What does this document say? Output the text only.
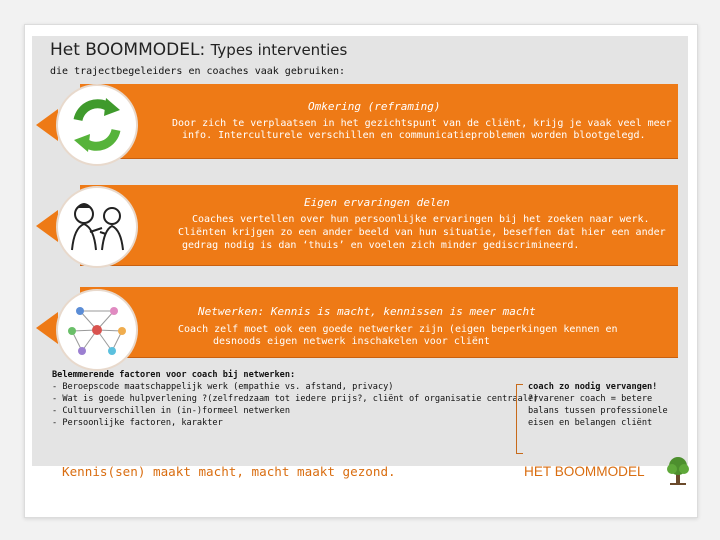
Het BOOMMODEL: Types interventies
die trajectbegeleiders en coaches vaak gebruiken:
Omkering (reframing)
Door zich te verplaatsen in het gezichtspunt van de cliënt, krijg je vaak veel meer
info. Interculturele verschillen en communicatieproblemen worden blootgelegd.
Eigen ervaringen delen
Coaches vertellen over hun persoonlijke ervaringen bij het zoeken naar werk.
Cliënten krijgen zo een ander beeld van hun situatie, beseffen dat hier een ander
gedrag nodig is dan ‘thuis’ en voelen zich minder gediscrimineerd.
Netwerken: Kennis is macht, kennissen is meer macht
Coach zelf moet ook een goede netwerker zijn (eigen beperkingen kennen en
desnoods eigen netwerk inschakelen voor cliënt
Belemmerende factoren voor coach bij netwerken:
- Beroepscode maatschappelijk werk (empathie vs. afstand, privacy)
- Wat is goede hulpverlening ?(zelfredzaam tot iedere prijs?, cliënt of organisatie centraal?)
- Cultuurverschillen in (in-)formeel netwerken
- Persoonlijke factoren, karakter
coach zo nodig vervangen!
ervarener coach = betere
balans tussen professionele
eisen en belangen cliënt
Kennis(sen) maakt macht, macht maakt gezond.	HET BOOMMODEL
